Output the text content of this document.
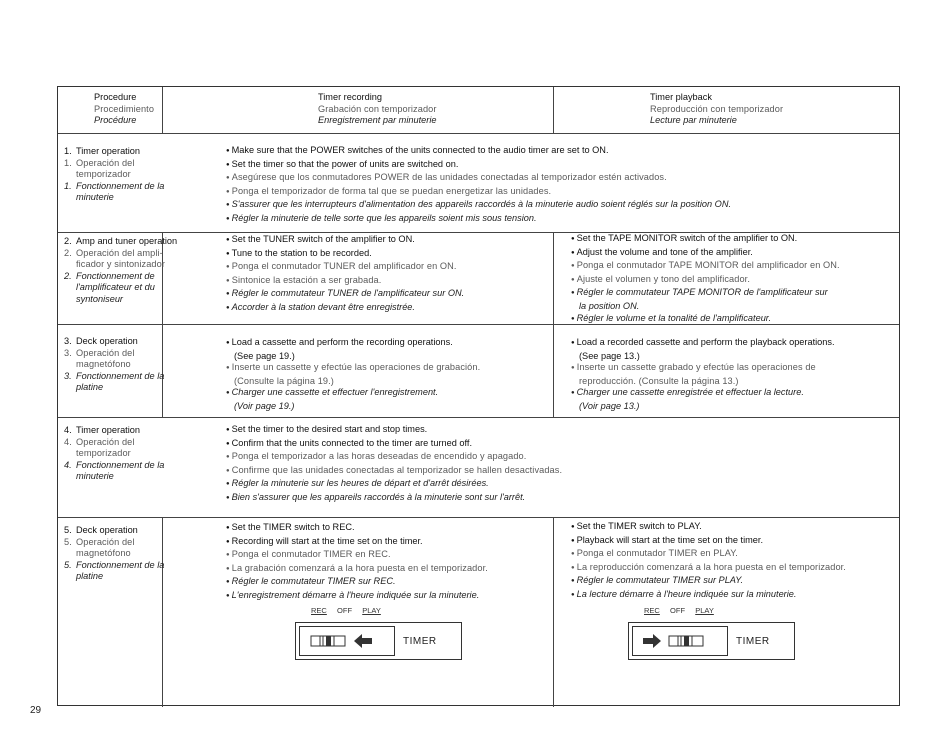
Procedure
Procedimiento
Procédure
Timer recording
Grabación con temporizador
Enregistrement par minuterie
Timer playback
Reproducción con temporizador
Lecture par minuterie
1. Timer operation
1. Operación del
temporizador
1. Fonctionnement de la
minuterie
2. Amp and tuner operation
2. Operación del ampli-
ficador y sintonizador
2. Fonctionnement de
l'amplificateur et du
syntoniseur
3. Deck operation
3. Operación del
magnetófono
3. Fonctionnement de la
platine
4. Timer operation
4. Operación del
temporizador
4. Fonctionnement de la
minuterie
5. Deck operation
5. Operación del
magnetófono
5. Fonctionnement de la
platine
● Make sure that the POWER switches of the units connected to the audio timer are set to ON.
● Set the timer so that the power of units are switched on.
● Asegúrese que los conmutadores POWER de las unidades conectadas al temporizador estén activados.
● Ponga el temporizador de forma tal que se puedan energetizar las unidades.
● S'assurer que les interrupteurs d'alimentation des appareils raccordés à la minuterie audio soient réglés sur la position ON.
● Régler la minuterie de telle sorte que les appareils soient mis sous tension.
● Set the TUNER switch of the amplifier to ON.
● Tune to the station to be recorded.
● Ponga el conmutador TUNER del amplificador en ON.
● Sintonice la estación a ser grabada.
● Régler le commutateur TUNER de l'amplificateur sur ON.
● Accorder à la station devant être enregistrée.
● Set the TAPE MONITOR switch of the amplifier to ON.
● Adjust the volume and tone of the amplifier.
● Ponga el conmutador TAPE MONITOR del amplificador en ON.
● Ajuste el volumen y tono del amplificador.
● Régler le commutateur TAPE MONITOR de l'amplificateur sur
la position ON.
● Régler le volume et la tonalité de l'amplificateur.
● Load a cassette and perform the recording operations.
(See page 19.)
● Inserte un cassette y efectúe las operaciones de grabación.
(Consulte la página 19.)
● Charger une cassette et effectuer l'enregistrement.
(Voir page 19.)
● Load a recorded cassette and perform the playback operations.
(See page 13.)
● Inserte un cassette grabado y efectúe las operaciones de
reproducción. (Consulte la página 13.)
● Charger une cassette enregistrée et effectuer la lecture.
(Voir page 13.)
● Set the timer to the desired start and stop times.
● Confirm that the units connected to the timer are turned off.
● Ponga el temporizador a las horas deseadas de encendido y apagado.
● Confirme que las unidades conectadas al temporizador se hallen desactivadas.
● Régler la minuterie sur les heures de départ et d'arrêt désirées.
● Bien s'assurer que les appareils raccordés à la minuterie sont sur l'arrêt.
● Set the TIMER switch to REC.
● Recording will start at the time set on the timer.
● Ponga el conmutador TIMER en REC.
● La grabación comenzará a la hora puesta en el temporizador.
● Régler le commutateur TIMER sur REC.
● L'enregistrement démarre à l'heure indiquée sur la minuterie.
● Set the TIMER switch to PLAY.
● Playback will start at the time set on the timer.
● Ponga el conmutador TIMER en PLAY.
● La reproducción comenzará a la hora puesta en el temporizador.
● Régler le commutateur TIMER sur PLAY.
● La lecture démarre à l'heure indiquée sur la minuterie.
REC OFF PLAY
TIMER
REC OFF PLAY
TIMER
29
